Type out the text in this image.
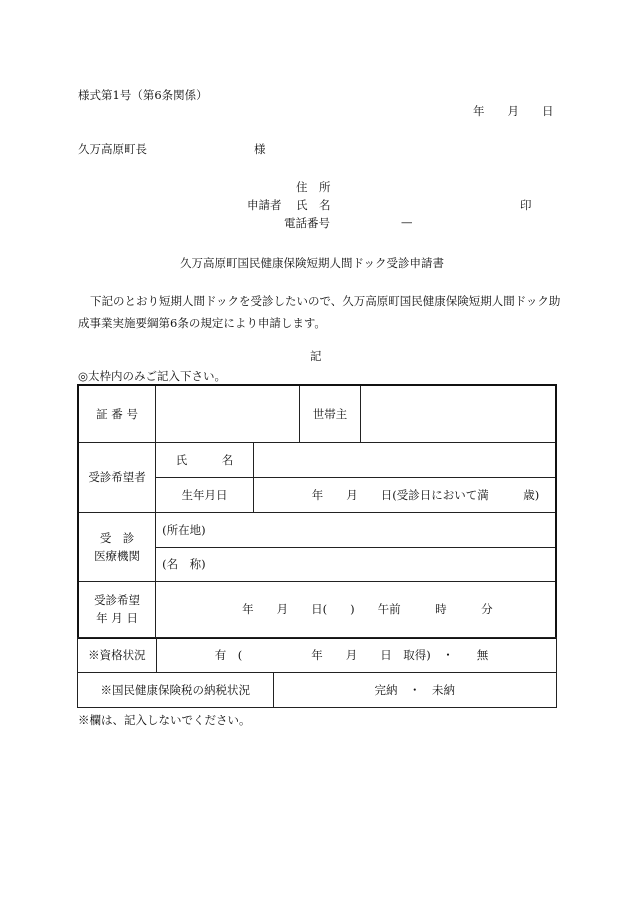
様式第1号（第6条関係）
年　　月　　日
久万高原町長	様
住　所
申請者 氏　名	印
電話番号	—
久万高原町国民健康保険短期人間ドック受診申請書
下記のとおり短期人間ドックを受診したいので、久万高原町国民健康保険短期人間ドック助成事業実施要綱第6条の規定により申請します。
記
◎太枠内のみご記入下さい。
証 番 号			世帯主	
受診希望者	氏　　　名			
	生年月日	年　　月　　日(受診日において満　　　歳)		

受　診
医療機関	(所在地)			
	(名　称)			

受診希望
年 月 日	年　　月　　日(　　)　　午前　　　時　　　分			
※資格状況	有　(　　　　　　年　　月　　日　取得)　・　　無
※国民健康保険税の納税状況	完納　・　未納
※欄は、記入しないでください。
